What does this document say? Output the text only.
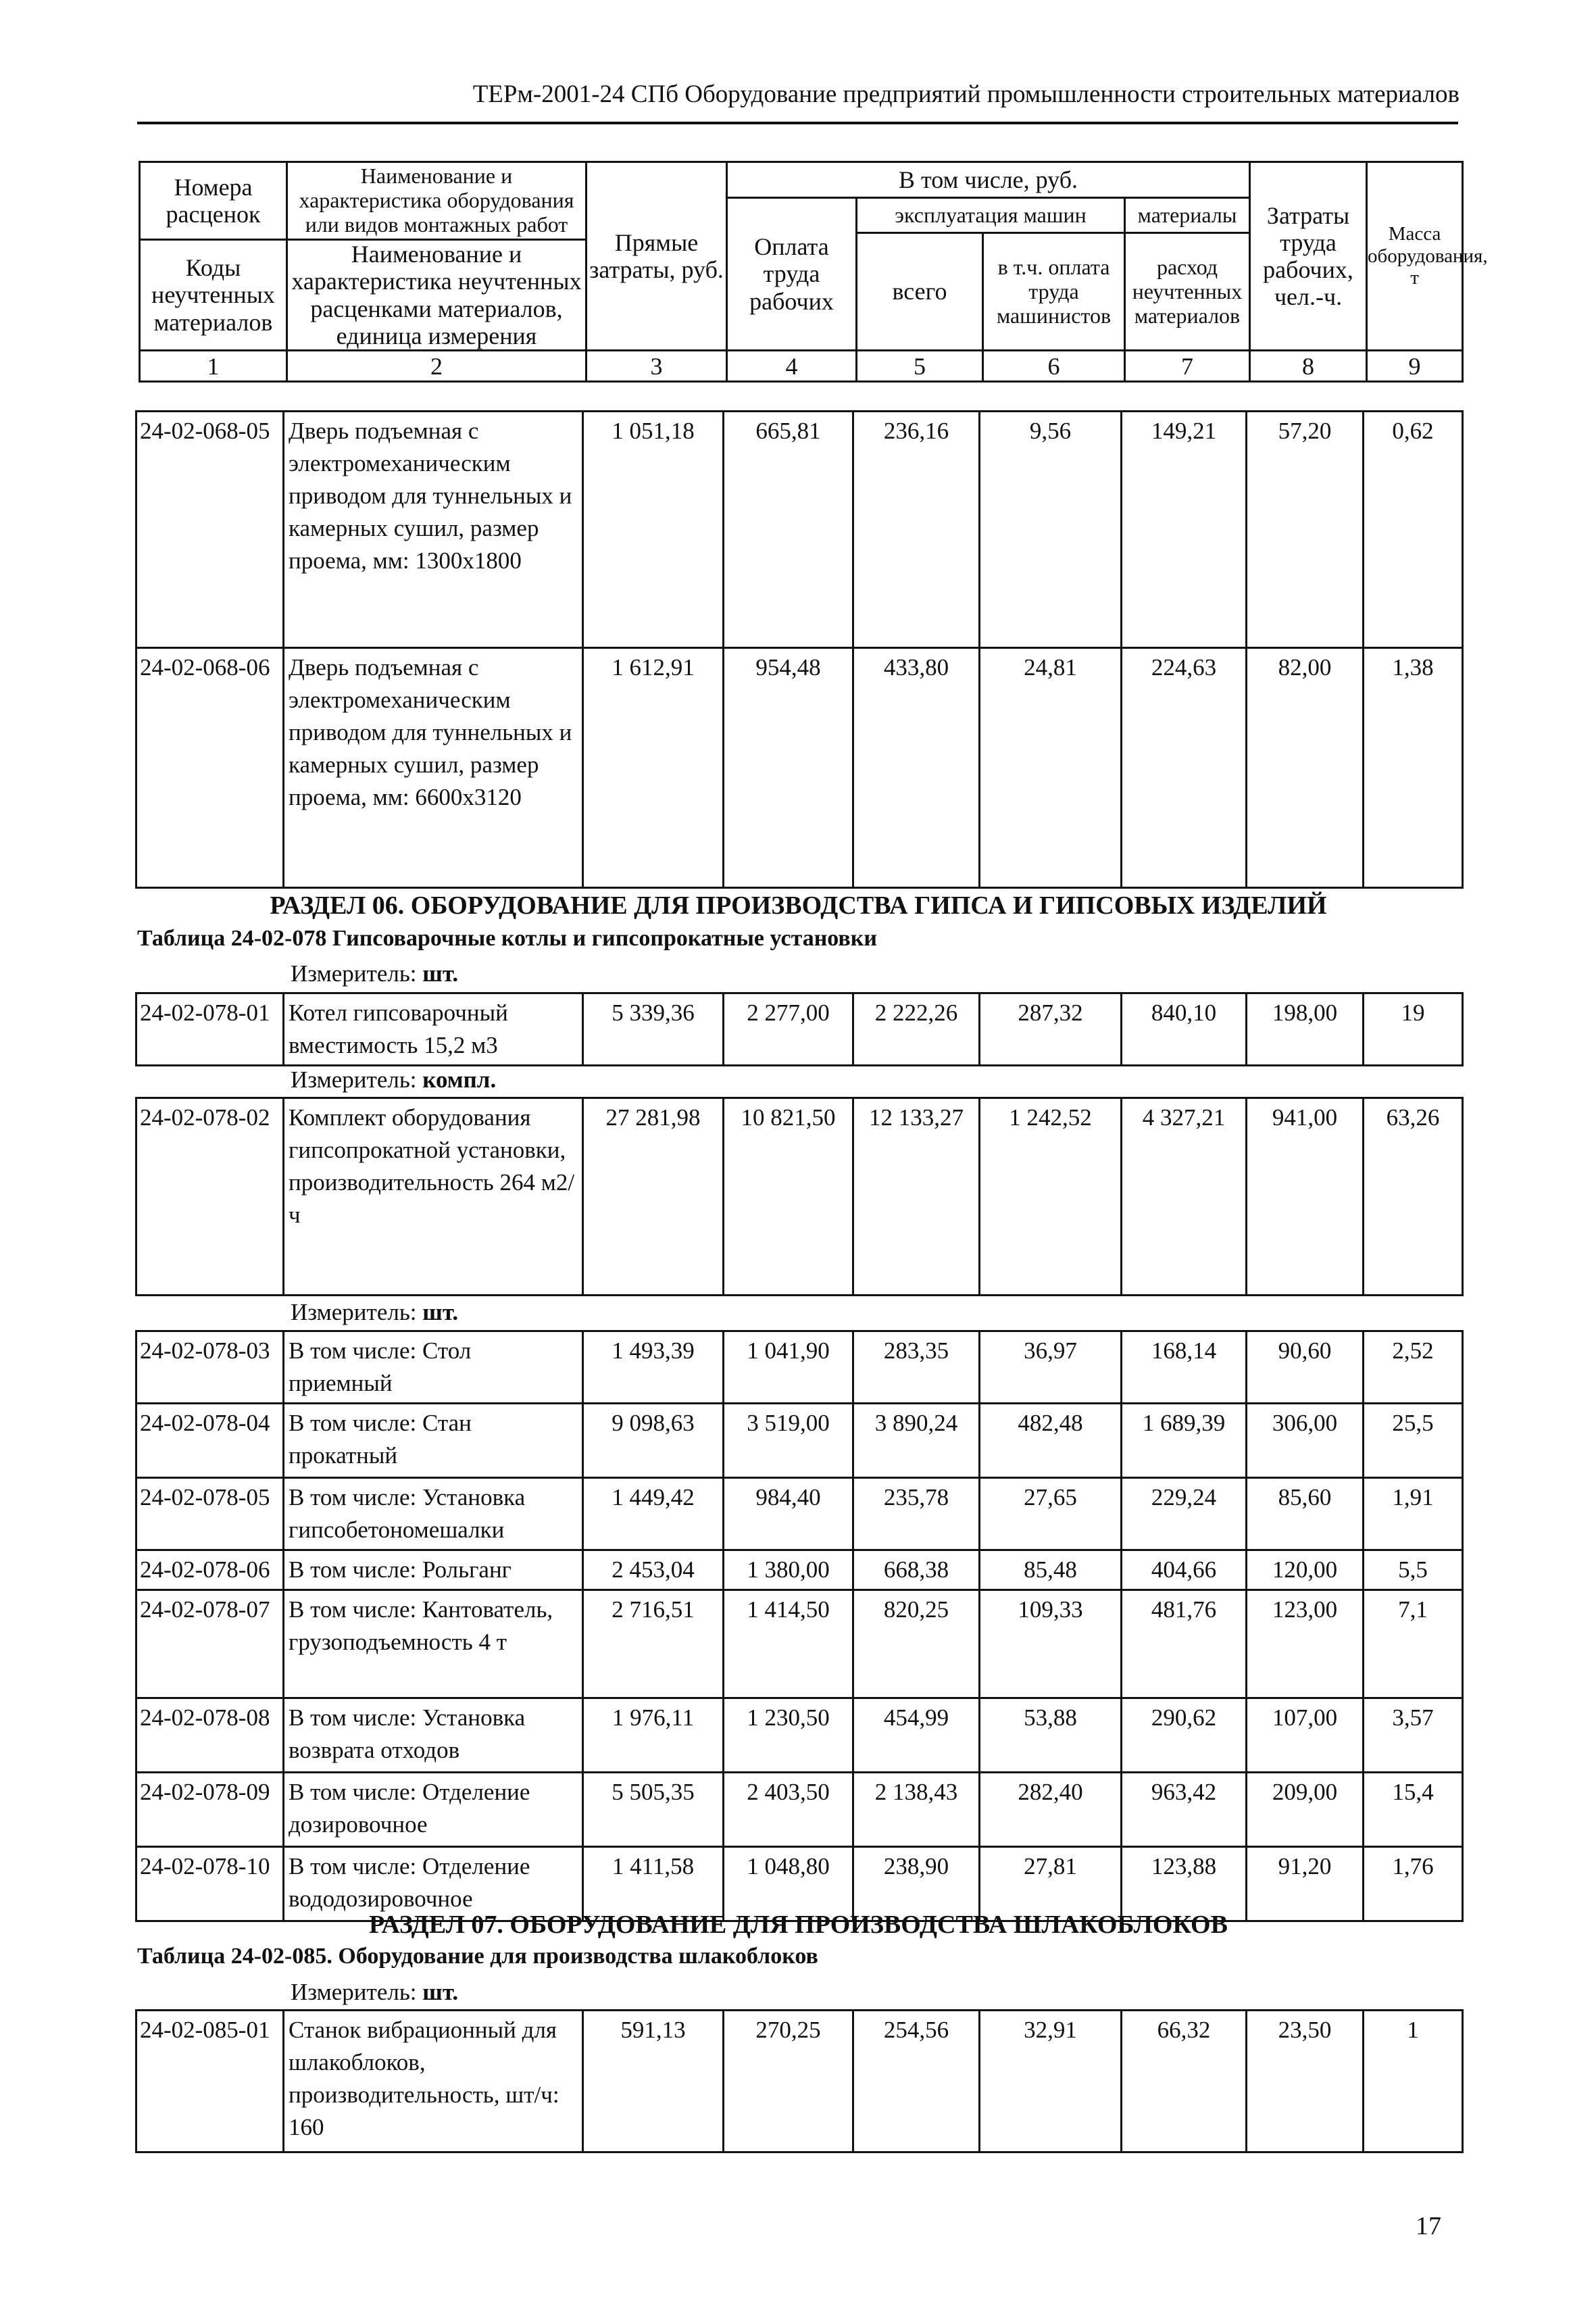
ТЕРм-2001-24 СПб Оборудование предприятий промышленности строительных материалов
Номера расценок	Наименование и характеристика оборудования или видов монтажных работ	Прямые затраты, руб.	В том числе, руб.				Затраты труда рабочих, чел.-ч.	Масса оборудования, т
			Оплата труда рабочих	эксплуатация машин		материалы		
				всего	в т.ч. оплата труда машинистов	расход неучтенных материалов		
Коды неучтенных материалов	Наименование и характеристика неучтенных расценками материалов, единица измерения							

1	2	3	4	5	6	7	8	9
24-02-068-05	Дверь подъемная с электромеханическим приводом для туннельных и камерных сушил, размер проема, мм: 1300х1800	1 051,18	665,81	236,16	9,56	149,21	57,20	0,62
24-02-068-06	Дверь подъемная с электромеханическим приводом для туннельных и камерных сушил, размер проема, мм: 6600х3120	1 612,91	954,48	433,80	24,81	224,63	82,00	1,38
РАЗДЕЛ 06. ОБОРУДОВАНИЕ ДЛЯ ПРОИЗВОДСТВА ГИПСА И ГИПСОВЫХ ИЗДЕЛИЙ
Таблица 24-02-078 Гипсоварочные котлы и гипсопрокатные установки
Измеритель: шт.
24-02-078-01	Котел гипсоварочный вместимость 15,2 м3	5 339,36	2 277,00	2 222,26	287,32	840,10	198,00	19
Измеритель: компл.
24-02-078-02	Комплект оборудования гипсопрокатной установки, производительность 264 м2/ч	27 281,98	10 821,50	12 133,27	1 242,52	4 327,21	941,00	63,26
Измеритель: шт.
24-02-078-03	В том числе: Стол приемный	1 493,39	1 041,90	283,35	36,97	168,14	90,60	2,52
24-02-078-04	В том числе: Стан прокатный	9 098,63	3 519,00	3 890,24	482,48	1 689,39	306,00	25,5
24-02-078-05	В том числе: Установка гипсобетономешалки	1 449,42	984,40	235,78	27,65	229,24	85,60	1,91
24-02-078-06	В том числе: Рольганг	2 453,04	1 380,00	668,38	85,48	404,66	120,00	5,5
24-02-078-07	В том числе: Кантователь, грузоподъемность 4 т	2 716,51	1 414,50	820,25	109,33	481,76	123,00	7,1
24-02-078-08	В том числе: Установка возврата отходов	1 976,11	1 230,50	454,99	53,88	290,62	107,00	3,57
24-02-078-09	В том числе: Отделение дозировочное	5 505,35	2 403,50	2 138,43	282,40	963,42	209,00	15,4
24-02-078-10	В том числе: Отделение вододозировочное	1 411,58	1 048,80	238,90	27,81	123,88	91,20	1,76
РАЗДЕЛ 07. ОБОРУДОВАНИЕ ДЛЯ ПРОИЗВОДСТВА ШЛАКОБЛОКОВ
Таблица 24-02-085. Оборудование для производства шлакоблоков
Измеритель: шт.
24-02-085-01	Станок вибрационный для шлакоблоков, производительность, шт/ч: 160	591,13	270,25	254,56	32,91	66,32	23,50	1
17
